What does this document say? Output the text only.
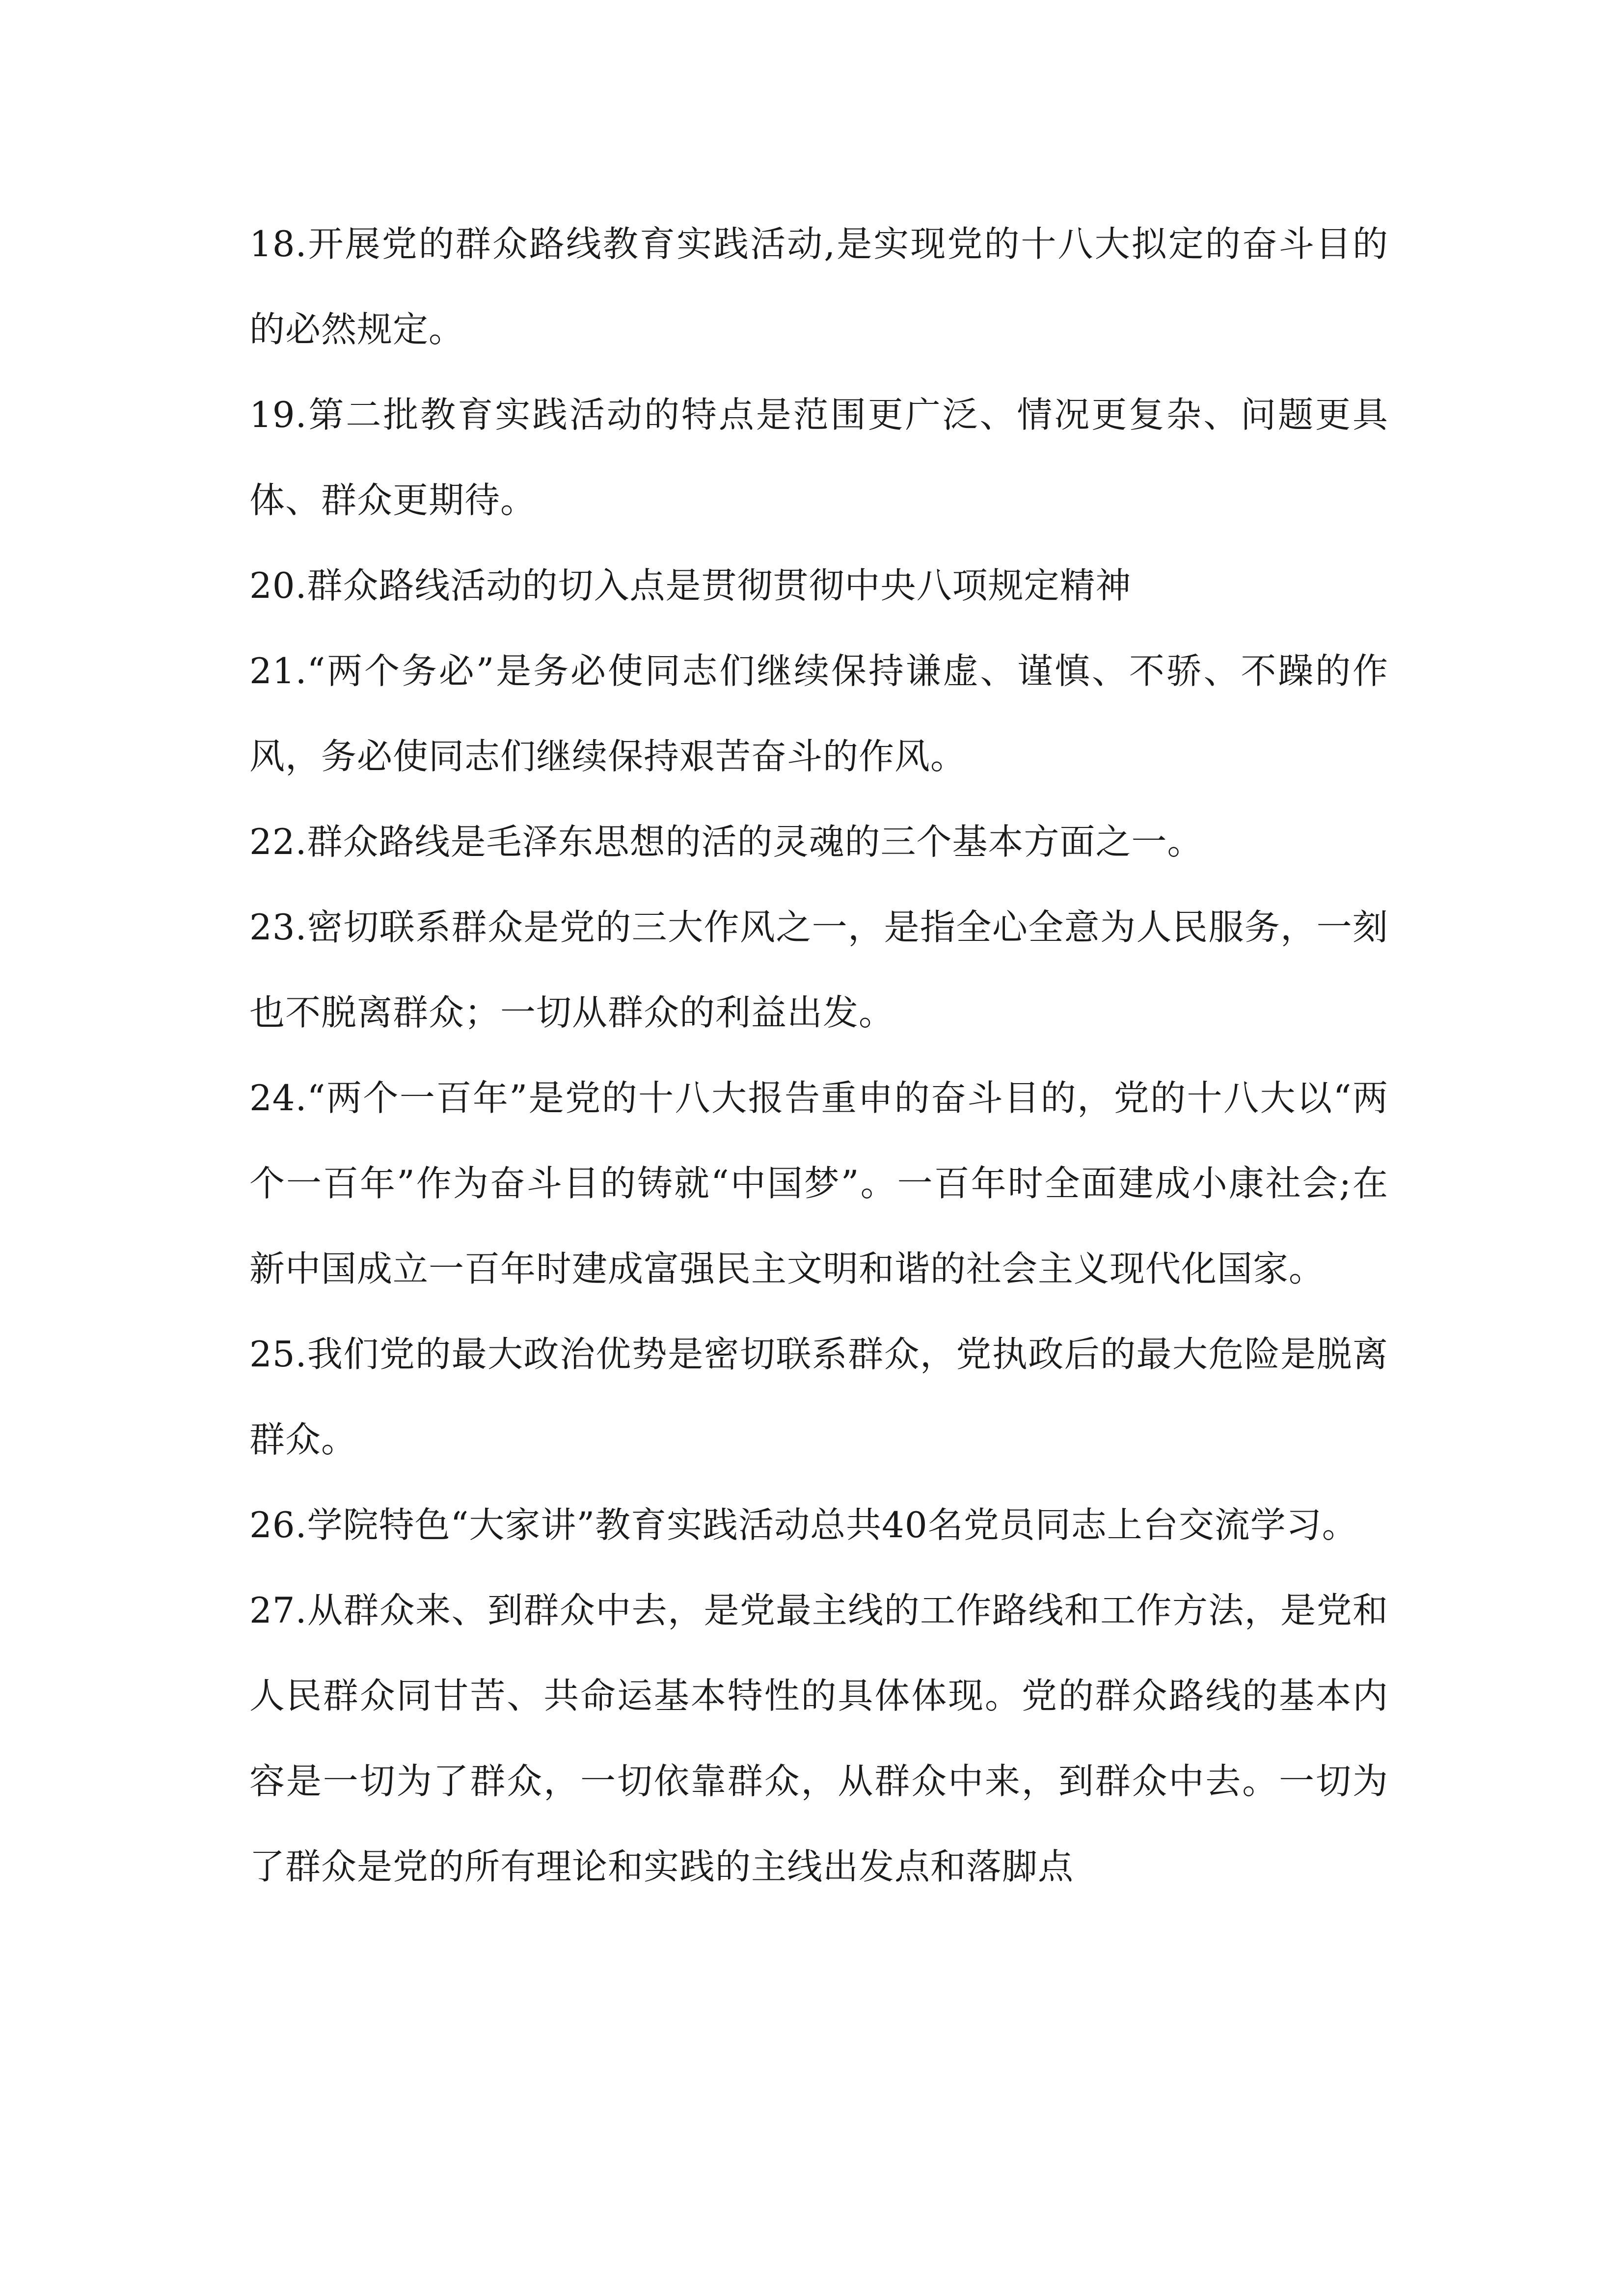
18.开展党的群众路线教育实践活动,是实现党的十八大拟定的奋斗目的的必然规定。

19.第二批教育实践活动的特点是范围更广泛、情况更复杂、问题更具体、群众更期待。

20.群众路线活动的切入点是贯彻贯彻中央八项规定精神

21.“两个务必”是务必使同志们继续保持谦虚、谨慎、不骄、不躁的作风，务必使同志们继续保持艰苦奋斗的作风。

22.群众路线是毛泽东思想的活的灵魂的三个基本方面之一。

23.密切联系群众是党的三大作风之一，是指全心全意为人民服务，一刻也不脱离群众；一切从群众的利益出发。

24.“两个一百年”是党的十八大报告重申的奋斗目的，党的十八大以“两个一百年”作为奋斗目的铸就“中国梦”。一百年时全面建成小康社会;在新中国成立一百年时建成富强民主文明和谐的社会主义现代化国家。

25.我们党的最大政治优势是密切联系群众，党执政后的最大危险是脱离群众。

26.学院特色“大家讲”教育实践活动总共40名党员同志上台交流学习。

27.从群众来、到群众中去，是党最主线的工作路线和工作方法，是党和人民群众同甘苦、共命运基本特性的具体体现。党的群众路线的基本内容是一切为了群众，一切依靠群众，从群众中来，到群众中去。一切为了群众是党的所有理论和实践的主线出发点和落脚点
